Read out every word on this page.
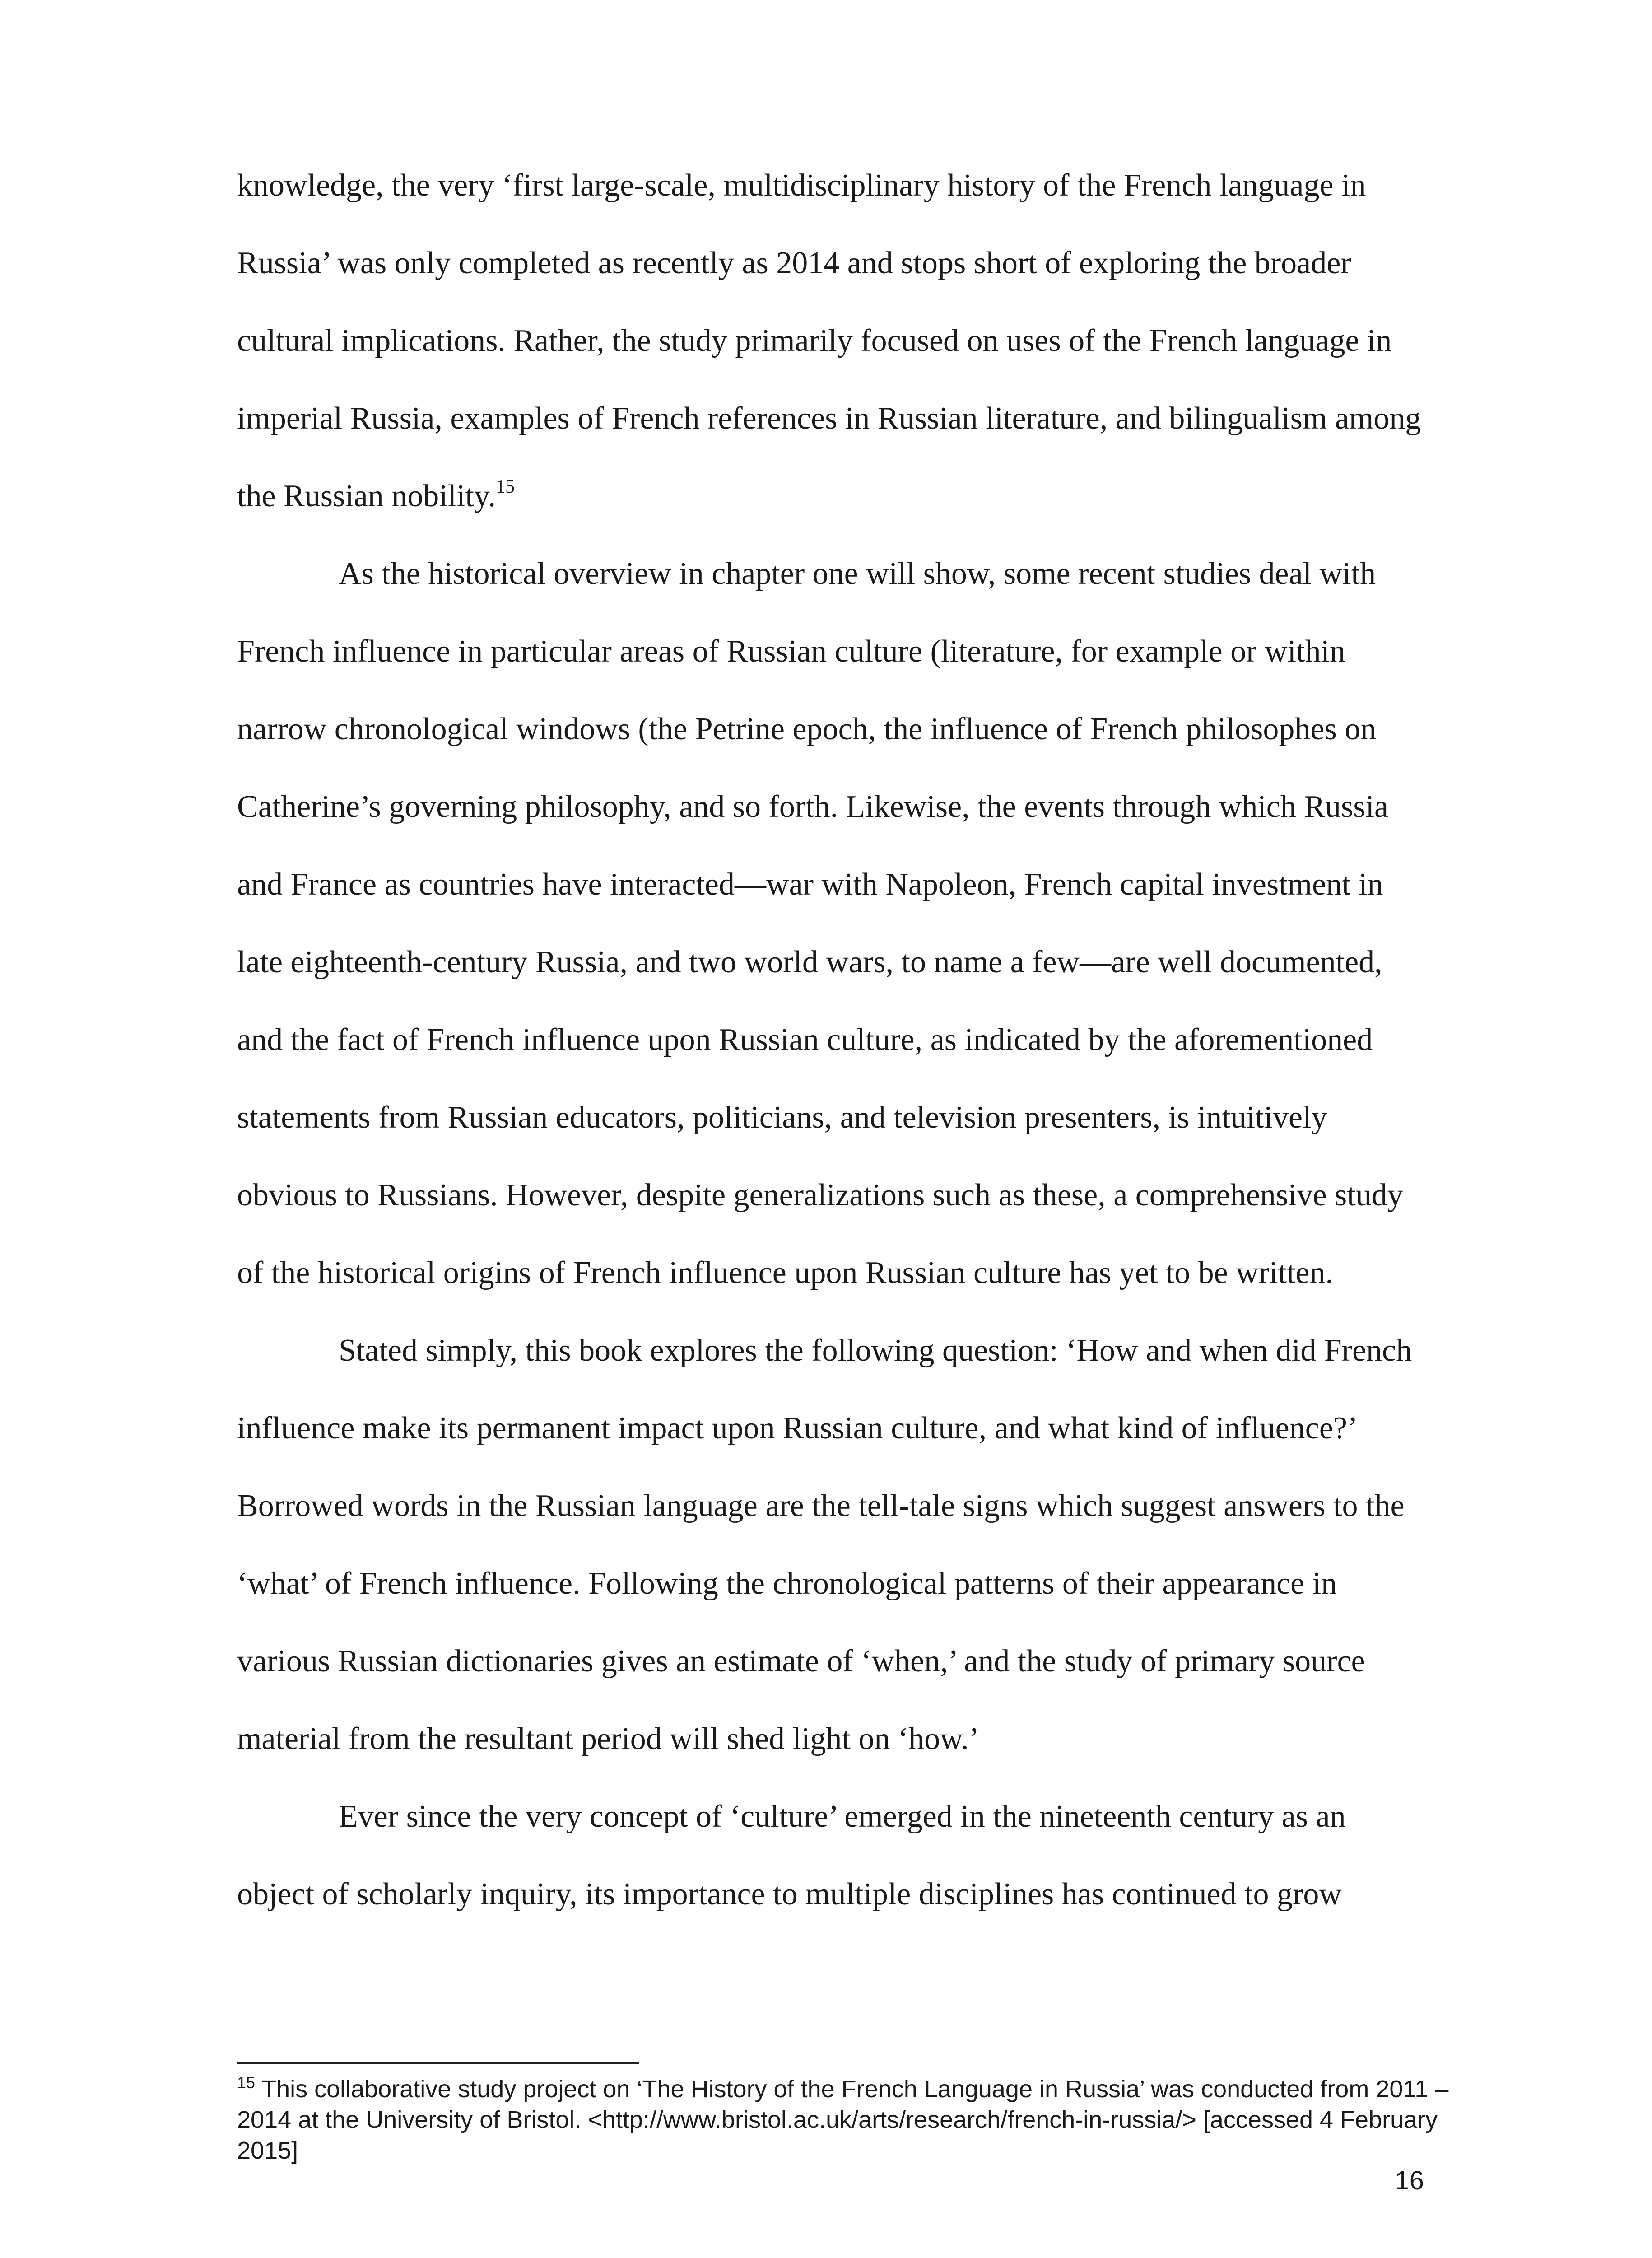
knowledge, the very ‘first large-scale, multidisciplinary history of the French language in Russia’ was only completed as recently as 2014 and stops short of exploring the broader cultural implications. Rather, the study primarily focused on uses of the French language in imperial Russia, examples of French references in Russian literature, and bilingualism among the Russian nobility.$^{15}$

As the historical overview in chapter one will show, some recent studies deal with French influence in particular areas of Russian culture (literature, for example or within narrow chronological windows (the Petrine epoch, the influence of French philosophes on Catherine’s governing philosophy, and so forth. Likewise, the events through which Russia and France as countries have interacted—war with Napoleon, French capital investment in late eighteenth-century Russia, and two world wars, to name a few—are well documented, and the fact of French influence upon Russian culture, as indicated by the aforementioned statements from Russian educators, politicians, and television presenters, is intuitively obvious to Russians. However, despite generalizations such as these, a comprehensive study of the historical origins of French influence upon Russian culture has yet to be written.

Stated simply, this book explores the following question: ‘How and when did French influence make its permanent impact upon Russian culture, and what kind of influence?’ Borrowed words in the Russian language are the tell-tale signs which suggest answers to the ‘what’ of French influence. Following the chronological patterns of their appearance in various Russian dictionaries gives an estimate of ‘when,’ and the study of primary source material from the resultant period will shed light on ‘how.’

Ever since the very concept of ‘culture’ emerged in the nineteenth century as an object of scholarly inquiry, its importance to multiple disciplines has continued to grow

$^{15}$ This collaborative study project on ‘The History of the French Language in Russia’ was conducted from 2011 – 2014 at the University of Bristol. <http://www.bristol.ac.uk/arts/research/french-in-russia/> [accessed 4 February 2015]

16
